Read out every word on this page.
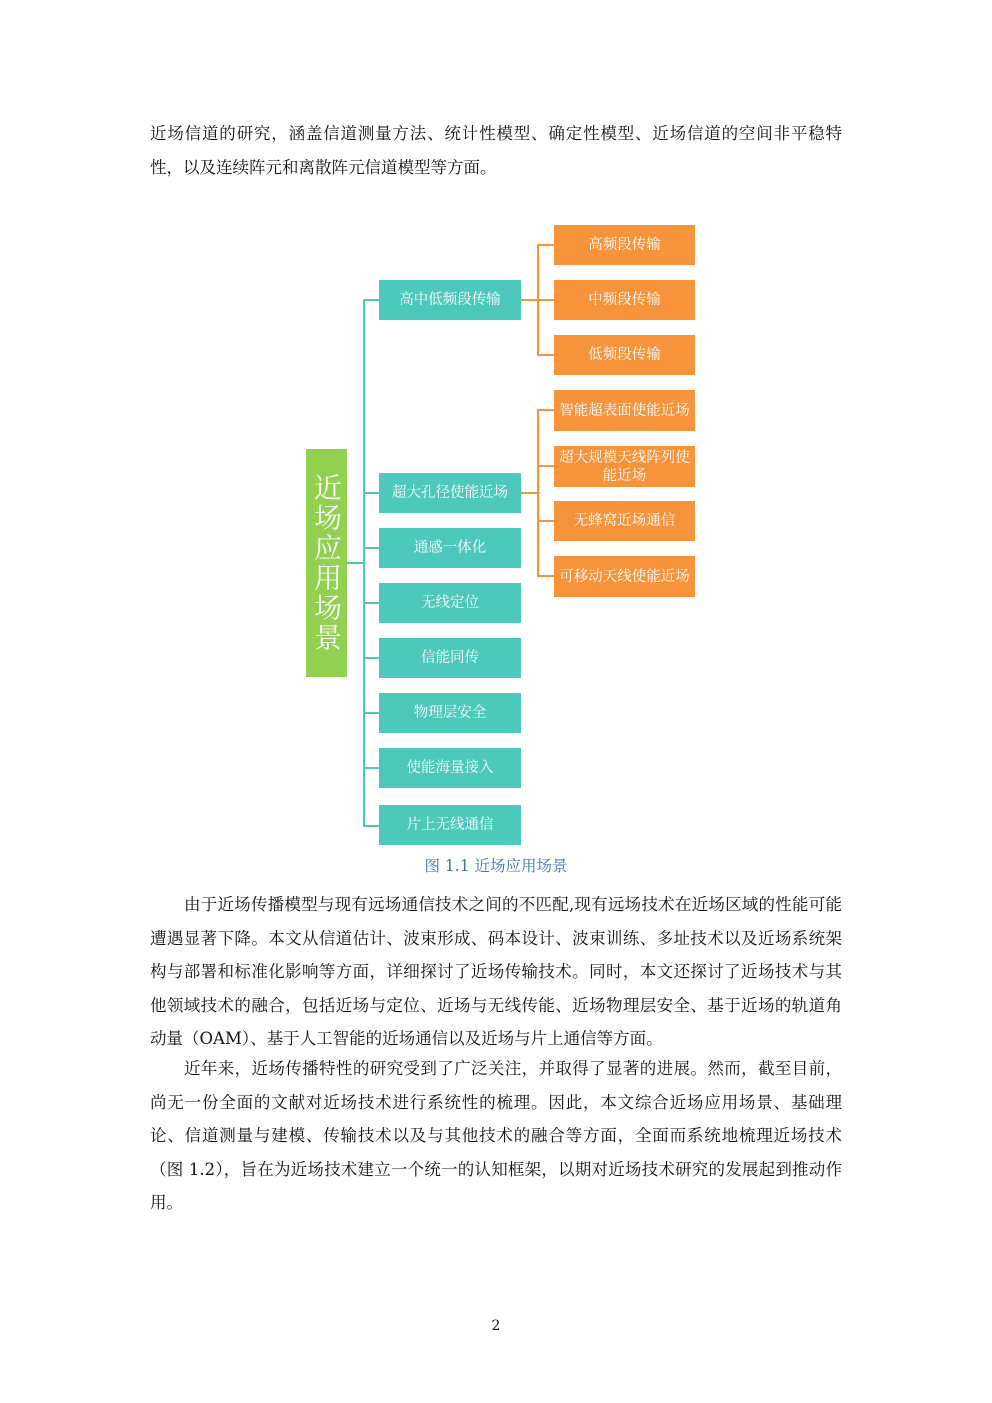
近场信道的研究，涵盖信道测量方法、统计性模型、确定性模型、近场信道的空间非平稳特性，以及连续阵元和离散阵元信道模型等方面。

近场应用场景
高中低频段传输
超大孔径使能近场
通感一体化
无线定位
信能同传
物理层安全
使能海量接入
片上无线通信
高频段传输
中频段传输
低频段传输
智能超表面使能近场
超大规模天线阵列使能近场
无蜂窝近场通信
可移动天线使能近场
图 1.1 近场应用场景

由于近场传播模型与现有远场通信技术之间的不匹配,现有远场技术在近场区域的性能可能遭遇显著下降。本文从信道估计、波束形成、码本设计、波束训练、多址技术以及近场系统架构与部署和标准化影响等方面，详细探讨了近场传输技术。同时，本文还探讨了近场技术与其他领域技术的融合，包括近场与定位、近场与无线传能、近场物理层安全、基于近场的轨道角动量（OAM）、基于人工智能的近场通信以及近场与片上通信等方面。

近年来，近场传播特性的研究受到了广泛关注，并取得了显著的进展。然而，截至目前，尚无一份全面的文献对近场技术进行系统性的梳理。因此，本文综合近场应用场景、基础理论、信道测量与建模、传输技术以及与其他技术的融合等方面，全面而系统地梳理近场技术（图 1.2），旨在为近场技术建立一个统一的认知框架，以期对近场技术研究的发展起到推动作用。

2
